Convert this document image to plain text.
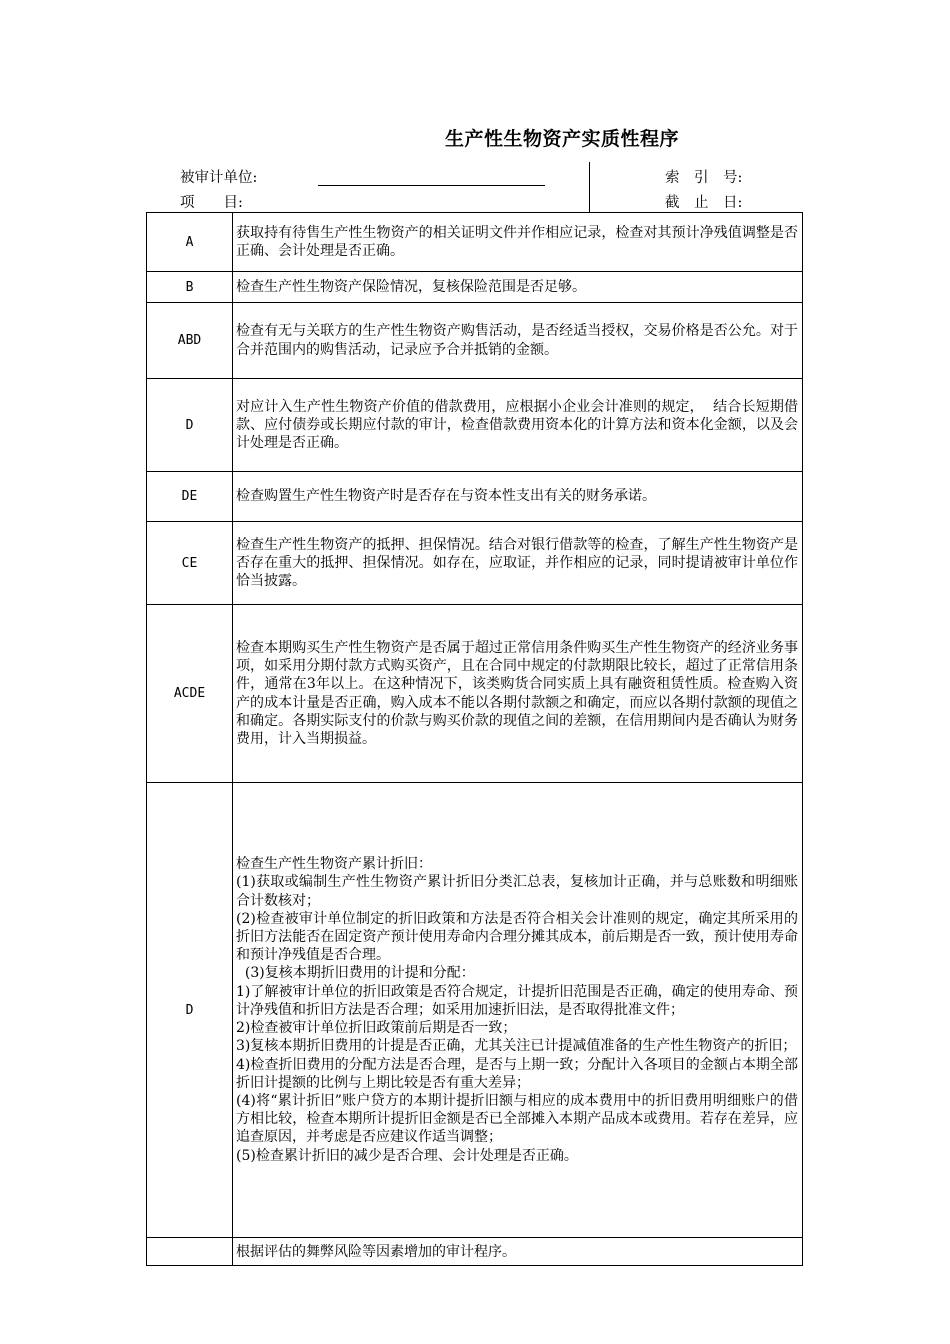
生产性生物资产实质性程序
被审计单位:
项　　目:
索　引　号:
截　止　日:
A
获取持有待售生产性生物资产的相关证明文件并作相应记录，检查对其预计净残值调整是否正确、会计处理是否正确。
B	检查生产性生物资产保险情况，复核保险范围是否足够。
ABD
检查有无与关联方的生产性生物资产购售活动，是否经适当授权，交易价格是否公允。对于合并范围内的购售活动，记录应予合并抵销的金额。
D
对应计入生产性生物资产价值的借款费用，应根据小企业会计准则的规定，  结合长短期借款、应付债券或长期应付款的审计，检查借款费用资本化的计算方法和资本化金额，以及会计处理是否正确。
DE	检查购置生产性生物资产时是否存在与资本性支出有关的财务承诺。
CE
检查生产性生物资产的抵押、担保情况。结合对银行借款等的检查，了解生产性生物资产是否存在重大的抵押、担保情况。如存在，应取证，并作相应的记录，同时提请被审计单位作恰当披露。
ACDE
检查本期购买生产性生物资产是否属于超过正常信用条件购买生产性生物资产的经济业务事项，如采用分期付款方式购买资产，且在合同中规定的付款期限比较长，超过了正常信用条件，通常在3年以上。在这种情况下，该类购货合同实质上具有融资租赁性质。检查购入资产的成本计量是否正确，购入成本不能以各期付款额之和确定，而应以各期付款额的现值之和确定。各期实际支付的价款与购买价款的现值之间的差额，在信用期间内是否确认为财务费用，计入当期损益。
D
检查生产性生物资产累计折旧：
(1)获取或编制生产性生物资产累计折旧分类汇总表，复核加计正确，并与总账数和明细账合计数核对；
(2)检查被审计单位制定的折旧政策和方法是否符合相关会计准则的规定，确定其所采用的折旧方法能否在固定资产预计使用寿命内合理分摊其成本，前后期是否一致，预计使用寿命和预计净残值是否合理。
(3)复核本期折旧费用的计提和分配：
1)了解被审计单位的折旧政策是否符合规定，计提折旧范围是否正确，确定的使用寿命、预计净残值和折旧方法是否合理；如采用加速折旧法，是否取得批准文件；
2)检查被审计单位折旧政策前后期是否一致；
3)复核本期折旧费用的计提是否正确，尤其关注已计提减值准备的生产性生物资产的折旧；
4)检查折旧费用的分配方法是否合理，是否与上期一致；分配计入各项目的金额占本期全部折旧计提额的比例与上期比较是否有重大差异；
(4)将“累计折旧”账户贷方的本期计提折旧额与相应的成本费用中的折旧费用明细账户的借方相比较，检查本期所计提折旧金额是否已全部摊入本期产品成本或费用。若存在差异，应追查原因，并考虑是否应建议作适当调整；
(5)检查累计折旧的减少是否合理、会计处理是否正确。
根据评估的舞弊风险等因素增加的审计程序。
